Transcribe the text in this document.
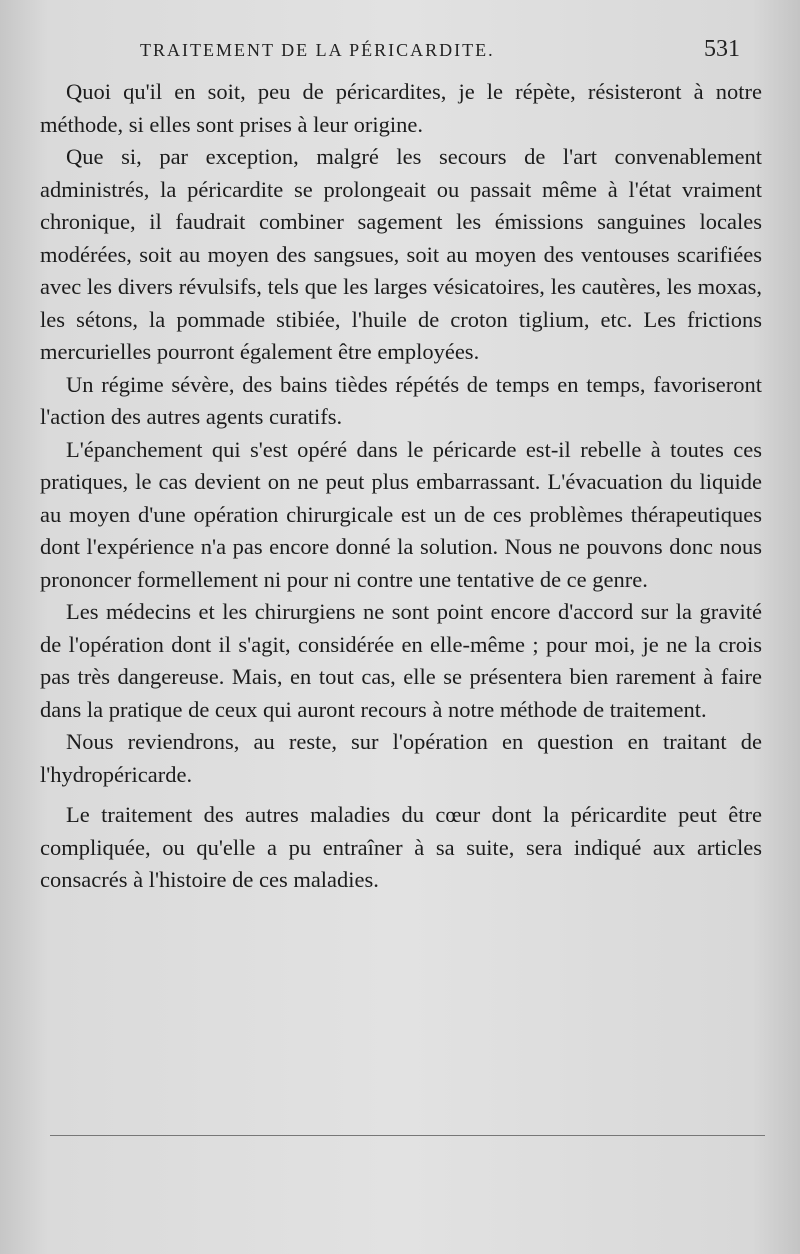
TRAITEMENT DE LA PÉRICARDITE.	531

Quoi qu'il en soit, peu de péricardites, je le répète, résisteront à notre méthode, si elles sont prises à leur origine.

Que si, par exception, malgré les secours de l'art convenablement administrés, la péricardite se prolongeait ou passait même à l'état vraiment chronique, il faudrait combiner sagement les émissions sanguines locales modérées, soit au moyen des sangsues, soit au moyen des ventouses scarifiées avec les divers révulsifs, tels que les larges vésicatoires, les cautères, les moxas, les sétons, la pommade stibiée, l'huile de croton tiglium, etc. Les frictions mercurielles pourront également être employées.

Un régime sévère, des bains tièdes répétés de temps en temps, favoriseront l'action des autres agents curatifs.

L'épanchement qui s'est opéré dans le péricarde est-il rebelle à toutes ces pratiques, le cas devient on ne peut plus embarrassant. L'évacuation du liquide au moyen d'une opération chirurgicale est un de ces problèmes thérapeutiques dont l'expérience n'a pas encore donné la solution. Nous ne pouvons donc nous prononcer formellement ni pour ni contre une tentative de ce genre.

Les médecins et les chirurgiens ne sont point encore d'accord sur la gravité de l'opération dont il s'agit, considérée en elle-même ; pour moi, je ne la crois pas très dangereuse. Mais, en tout cas, elle se présentera bien rarement à faire dans la pratique de ceux qui auront recours à notre méthode de traitement.

Nous reviendrons, au reste, sur l'opération en question en traitant de l'hydropéricarde.

Le traitement des autres maladies du cœur dont la péricardite peut être compliquée, ou qu'elle a pu entraîner à sa suite, sera indiqué aux articles consacrés à l'histoire de ces maladies.
